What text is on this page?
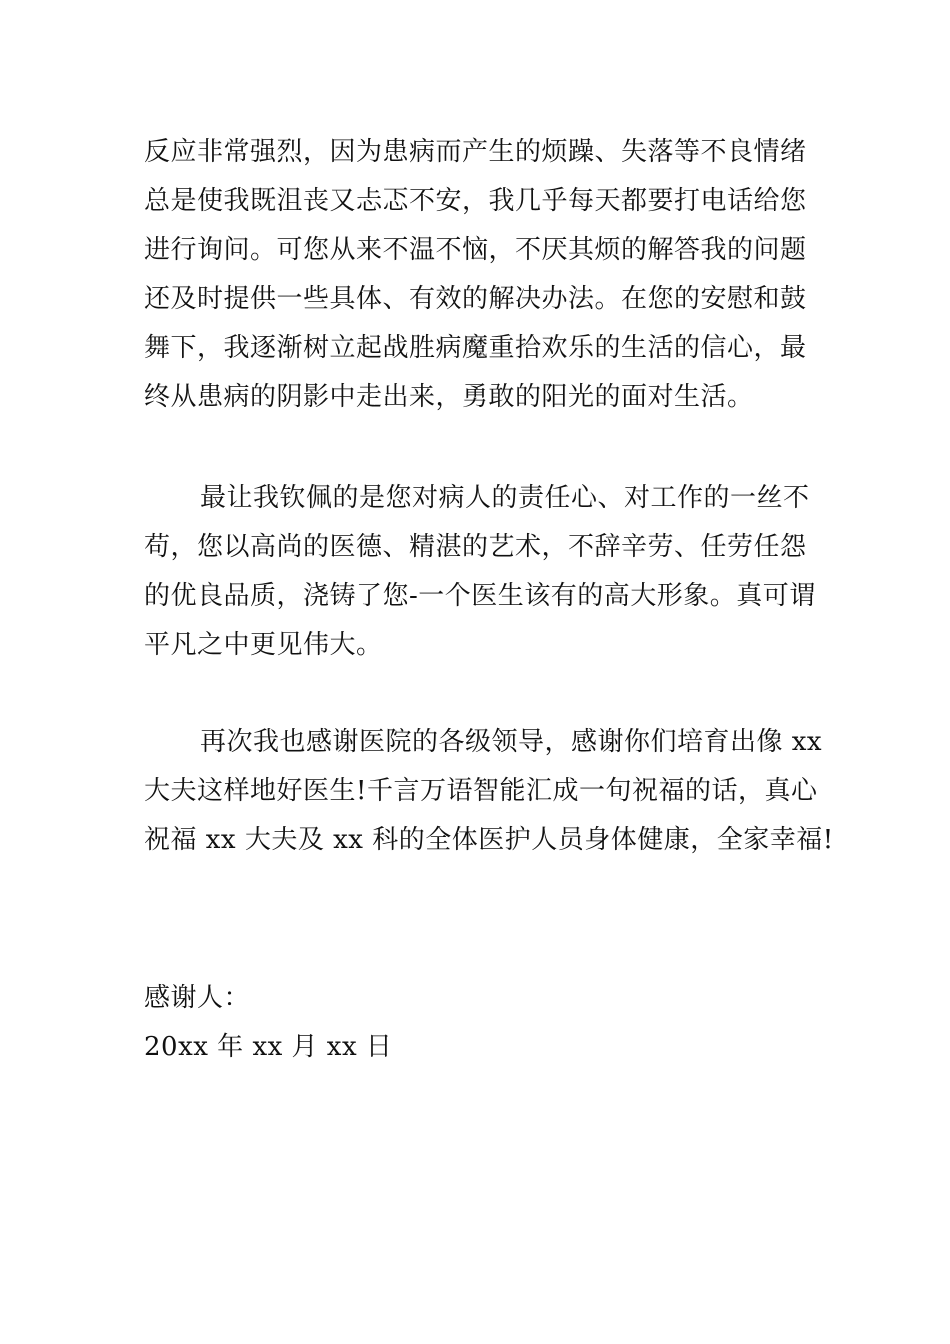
反应非常强烈，因为患病而产生的烦躁、失落等不良情绪
总是使我既沮丧又忐忑不安，我几乎每天都要打电话给您
进行询问。可您从来不温不恼，不厌其烦的解答我的问题
还及时提供一些具体、有效的解决办法。在您的安慰和鼓
舞下，我逐渐树立起战胜病魔重拾欢乐的生活的信心，最
终从患病的阴影中走出来，勇敢的阳光的面对生活。

最让我钦佩的是您对病人的责任心、对工作的一丝不
苟，您以高尚的医德、精湛的艺术，不辞辛劳、任劳任怨
的优良品质，浇铸了您-一个医生该有的高大形象。真可谓
平凡之中更见伟大。

再次我也感谢医院的各级领导，感谢你们培育出像 xx
大夫这样地好医生!千言万语智能汇成一句祝福的话，真心
祝福 xx 大夫及 xx 科的全体医护人员身体健康，全家幸福!

感谢人：

20xx 年 xx 月 xx 日
